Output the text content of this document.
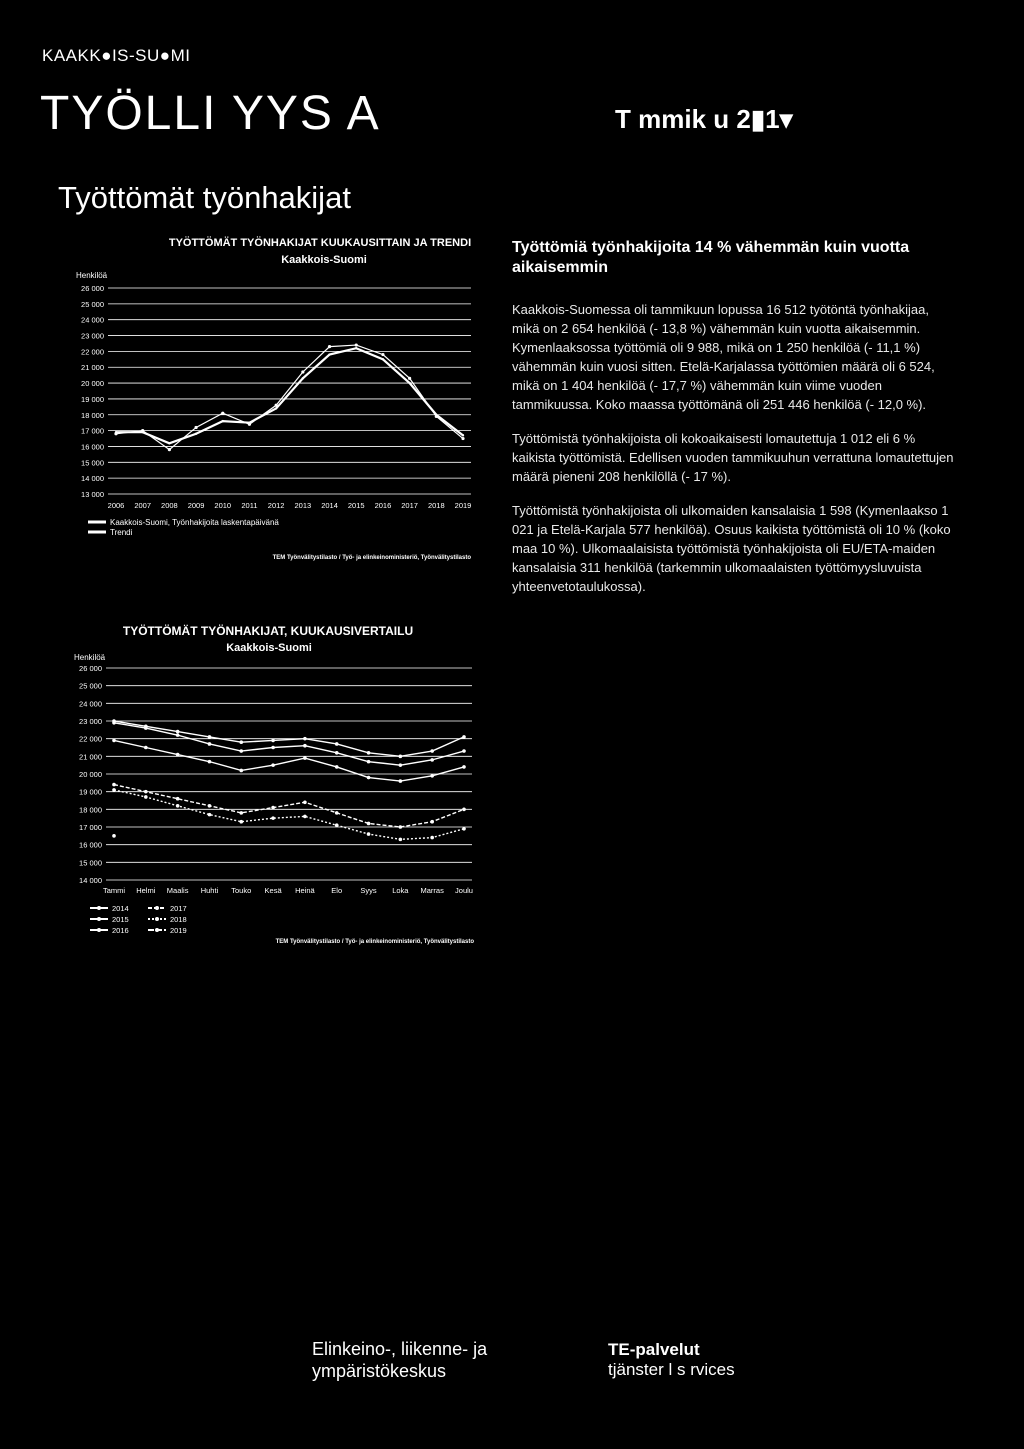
KAAKK●IS-SU●MI
TYÖLLI YYS A	T mmik u 2▮1▾
Työttömät työnhakijat
TYÖTTÖMÄT TYÖNHAKIJAT KUUKAUSITTAIN JA TRENDI
Kaakkois-Suomi
Henkilöä
26 000
25 000
24 000
23 000
22 000
21 000
20 000
19 000
18 000
17 000
16 000
15 000
14 000
13 000
2006 2007 2008 2009 2010 2011 2012 2013 2014 2015 2016 2017 2018 2019
Kaakkois-Suomi, Työnhakijoita laskentapäivänä
Trendi
TEM Työnvälitystilasto / Työ- ja elinkeinoministeriö, Työnvälitystilasto
TYÖTTÖMÄT TYÖNHAKIJAT, KUUKAUSIVERTAILU
Kaakkois-Suomi
Henkilöä
26 000
25 000
24 000
23 000
22 000
21 000
20 000
19 000
18 000
17 000
16 000
15 000
14 000
Tammi Helmi Maalis Huhti Touko Kesä Heinä Elo Syys Loka Marras Joulu
2014
2015
2016
2017
2018
2019
TEM Työnvälitystilasto / Työ- ja elinkeinoministeriö, Työnvälitystilasto
Työttömiä työnhakijoita 14 % vähemmän kuin vuotta aikaisemmin

Kaakkois-Suomessa oli tammikuun lopussa 16 512 työtöntä työnhakijaa, mikä on 2 654 henkilöä (- 13,8 %) vähemmän kuin vuotta aikaisemmin. Kymenlaaksossa työttömiä oli 9 988, mikä on 1 250 henkilöä (- 11,1 %) vähemmän kuin vuosi sitten. Etelä-Karjalassa työttömien määrä oli 6 524, mikä on 1 404 henkilöä (- 17,7 %) vähemmän kuin viime vuoden tammikuussa. Koko maassa työttömänä oli 251 446 henkilöä (- 12,0 %).

Työttömistä työnhakijoista oli kokoaikaisesti lomautettuja 1 012 eli 6 % kaikista työttömistä. Edellisen vuoden tammikuuhun verrattuna lomautettujen määrä pieneni 208 henkilöllä (- 17 %).

Työttömistä työnhakijoista oli ulkomaiden kansalaisia 1 598 (Kymenlaakso 1 021 ja Etelä-Karjala 577 henkilöä). Osuus kaikista työttömistä oli 10 % (koko maa 10 %). Ulkomaalaisista työttömistä työnhakijoista oli EU/ETA-maiden kansalaisia 311 henkilöä (tarkemmin ulkomaalaisten työttömyysluvuista yhteenvetotaulukossa).

Elinkeino-, liikenne- ja
ympäristökeskus
TE-palvelut
tjänster l s rvices
